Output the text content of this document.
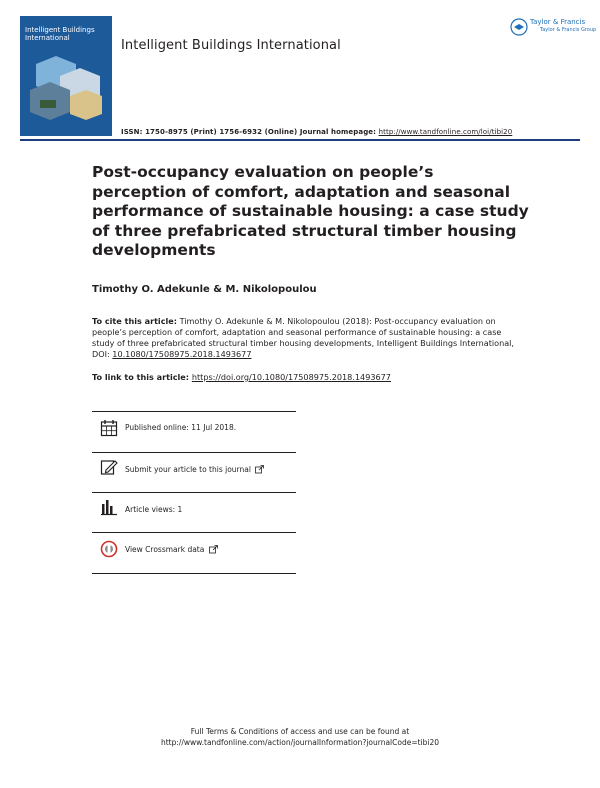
Intelligent Buildings International	Intelligent Buildings International
ISSN: 1750-8975 (Print) 1756-6932 (Online) Journal homepage: http://www.tandfonline.com/loi/tibi20
Taylor & Francis
Taylor & Francis Group
Post-occupancy evaluation on people’s perception of comfort, adaptation and seasonal performance of sustainable housing: a case study of three prefabricated structural timber housing developments
Timothy O. Adekunle & M. Nikolopoulou
To cite this article: Timothy O. Adekunle & M. Nikolopoulou (2018): Post-occupancy evaluation on people’s perception of comfort, adaptation and seasonal performance of sustainable housing: a case study of three prefabricated structural timber housing developments, Intelligent Buildings International, DOI: 10.1080/17508975.2018.1493677
To link to this article: https://doi.org/10.1080/17508975.2018.1493677
Published online: 11 Jul 2018.
Submit your article to this journal
Article views: 1
View Crossmark data
Full Terms & Conditions of access and use can be found at
http://www.tandfonline.com/action/journalInformation?journalCode=tibi20
